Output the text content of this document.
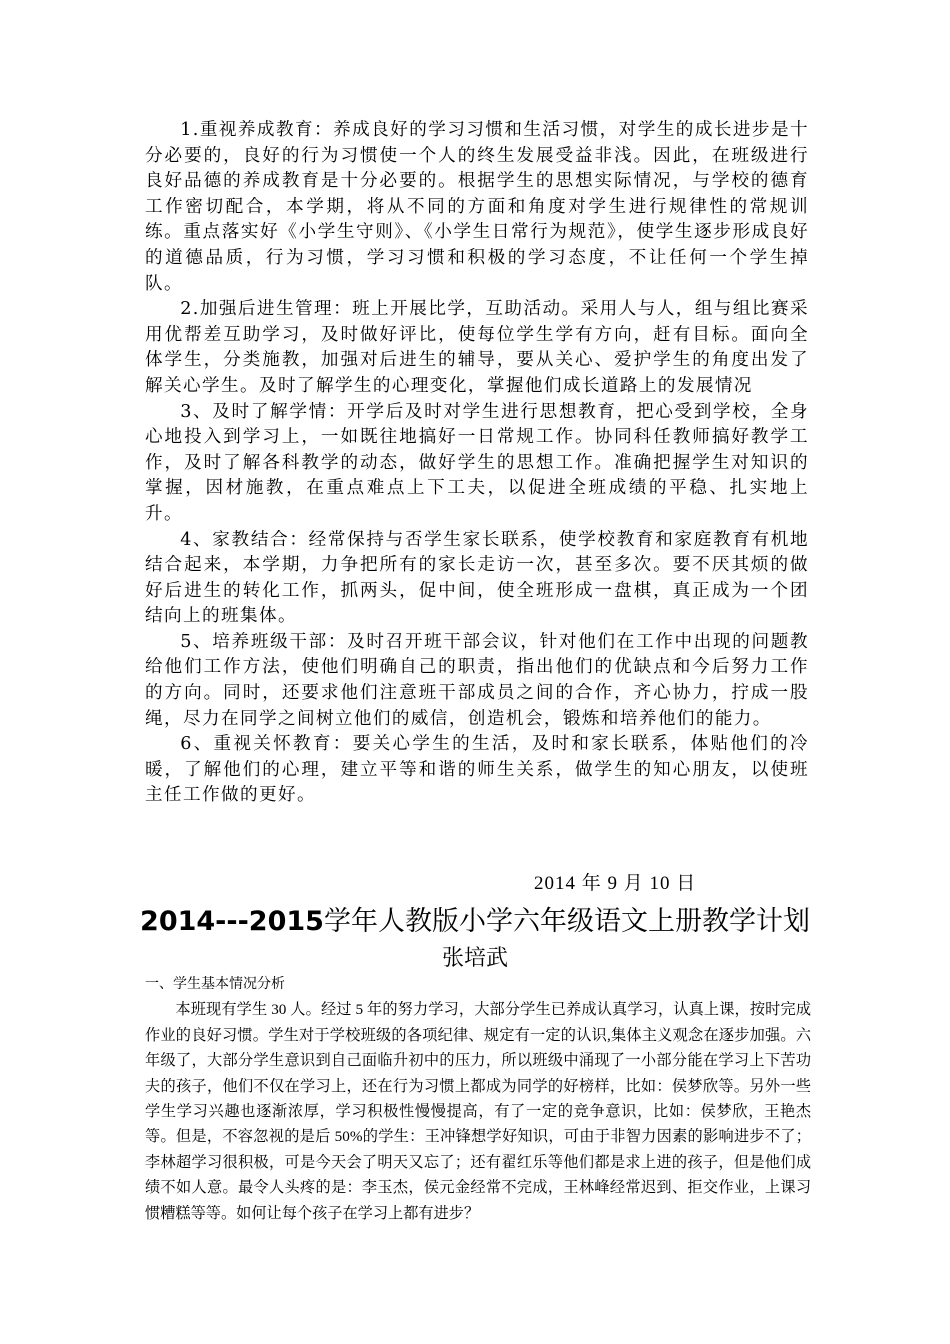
1.重视养成教育：养成良好的学习习惯和生活习惯，对学生的成长进步是十分必要的，良好的行为习惯使一个人的终生发展受益非浅。因此，在班级进行良好品德的养成教育是十分必要的。根据学生的思想实际情况，与学校的德育工作密切配合，本学期，将从不同的方面和角度对学生进行规律性的常规训练。重点落实好《小学生守则》、《小学生日常行为规范》，使学生逐步形成良好的道德品质，行为习惯，学习习惯和积极的学习态度，不让任何一个学生掉队。

2.加强后进生管理：班上开展比学，互助活动。采用人与人，组与组比赛采用优帮差互助学习，及时做好评比，使每位学生学有方向，赶有目标。面向全体学生，分类施教，加强对后进生的辅导，要从关心、爱护学生的角度出发了解关心学生。及时了解学生的心理变化，掌握他们成长道路上的发展情况

3、及时了解学情：开学后及时对学生进行思想教育，把心受到学校，全身心地投入到学习上，一如既往地搞好一日常规工作。协同科任教师搞好教学工作，及时了解各科教学的动态，做好学生的思想工作。准确把握学生对知识的掌握，因材施教，在重点难点上下工夫，以促进全班成绩的平稳、扎实地上升。

4、家教结合：经常保持与否学生家长联系，使学校教育和家庭教育有机地结合起来，本学期，力争把所有的家长走访一次，甚至多次。要不厌其烦的做好后进生的转化工作，抓两头，促中间，使全班形成一盘棋，真正成为一个团结向上的班集体。

5、培养班级干部：及时召开班干部会议，针对他们在工作中出现的问题教给他们工作方法，使他们明确自己的职责，指出他们的优缺点和今后努力工作的方向。同时，还要求他们注意班干部成员之间的合作，齐心协力，拧成一股绳，尽力在同学之间树立他们的威信，创造机会，锻炼和培养他们的能力。

6、重视关怀教育：要关心学生的生活，及时和家长联系，体贴他们的冷暖，了解他们的心理，建立平等和谐的师生关系，做学生的知心朋友，以使班主任工作做的更好。

2014 年 9 月 10 日
2014---2015学年人教版小学六年级语文上册教学计划
张培武

一、学生基本情况分析

本班现有学生 30 人。经过 5 年的努力学习，大部分学生已养成认真学习，认真上课，按时完成作业的良好习惯。学生对于学校班级的各项纪律、规定有一定的认识,集体主义观念在逐步加强。六年级了，大部分学生意识到自己面临升初中的压力，所以班级中涌现了一小部分能在学习上下苦功夫的孩子，他们不仅在学习上，还在行为习惯上都成为同学的好榜样，比如：侯梦欣等。另外一些学生学习兴趣也逐渐浓厚，学习积极性慢慢提高，有了一定的竞争意识，比如：侯梦欣，王艳杰等。但是，不容忽视的是后 50%的学生：王冲锋想学好知识，可由于非智力因素的影响进步不了；李林超学习很积极，可是今天会了明天又忘了；还有翟红乐等他们都是求上进的孩子，但是他们成绩不如人意。最令人头疼的是：李玉杰，侯元金经常不完成，王林峰经常迟到、拒交作业，上课习惯糟糕等等。如何让每个孩子在学习上都有进步？
